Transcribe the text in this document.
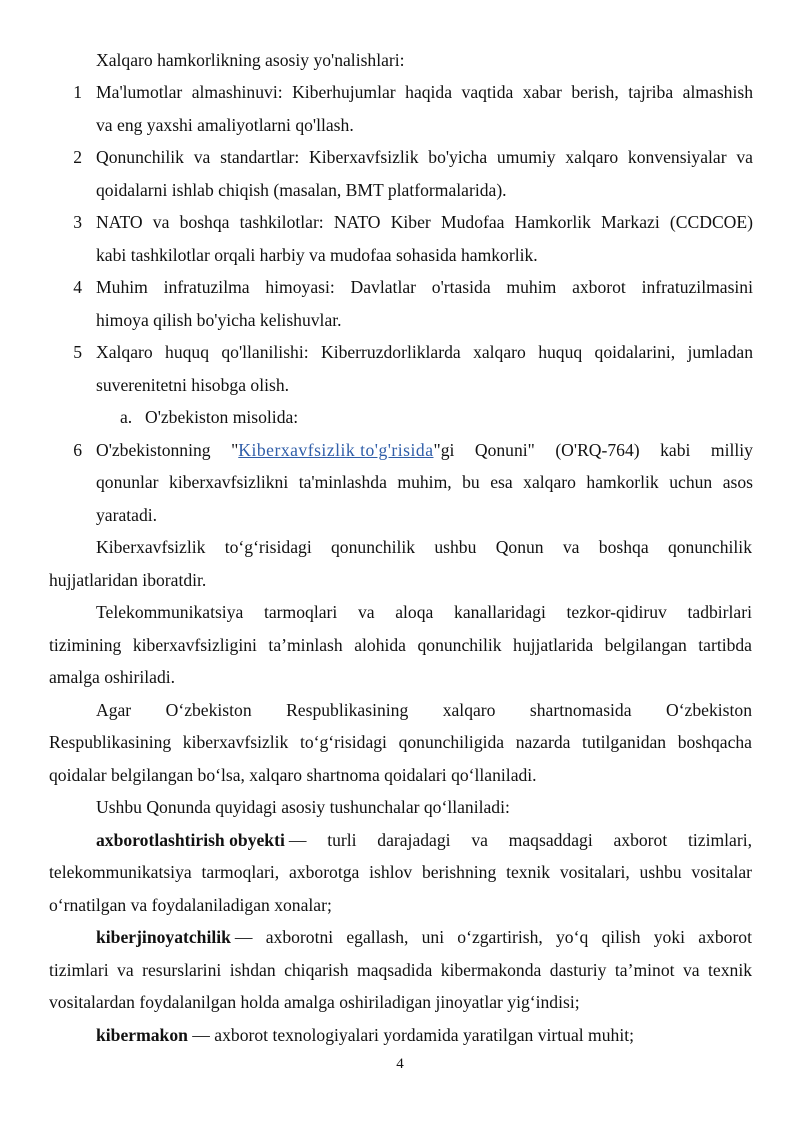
Xalqaro hamkorlikning asosiy yo'nalishlari:
1 Ma'lumotlar almashinuvi: Kiberhujumlar haqida vaqtida xabar berish, tajriba almashish
va eng yaxshi amaliyotlarni qo'llash.
2 Qonunchilik va standartlar: Kiberxavfsizlik bo'yicha umumiy xalqaro konvensiyalar va
qoidalarni ishlab chiqish (masalan, BMT platformalarida).
3 NATO va boshqa tashkilotlar: NATO Kiber Mudofaa Hamkorlik Markazi (CCDCOE)
kabi tashkilotlar orqali harbiy va mudofaa sohasida hamkorlik.
4 Muhim infratuzilma himoyasi: Davlatlar o'rtasida muhim axborot infratuzilmasini
himoya qilish bo'yicha kelishuvlar.
5 Xalqaro huquq qo'llanilishi: Kiberruzdorliklarda xalqaro huquq qoidalarini, jumladan
suverenitetni hisobga olish.
a. O'zbekiston misolida:
6 O'zbekistonning "Kiberxavfsizlik to'g'risida"gi Qonuni" (O'RQ-764) kabi milliy
qonunlar kiberxavfsizlikni ta'minlashda muhim, bu esa xalqaro hamkorlik uchun asos
yaratadi.
Kiberxavfsizlik to‘g‘risidagi qonunchilik ushbu Qonun va boshqa qonunchilik
hujjatlaridan iboratdir.
Telekommunikatsiya tarmoqlari va aloqa kanallaridagi tezkor-qidiruv tadbirlari
tizimining kiberxavfsizligini ta’minlash alohida qonunchilik hujjatlarida belgilangan tartibda
amalga oshiriladi.
Agar O‘zbekiston Respublikasining xalqaro shartnomasida O‘zbekiston
Respublikasining kiberxavfsizlik to‘g‘risidagi qonunchiligida nazarda tutilganidan boshqacha
qoidalar belgilangan bo‘lsa, xalqaro shartnoma qoidalari qo‘llaniladi.
Ushbu Qonunda quyidagi asosiy tushunchalar qo‘llaniladi:
axborotlashtirish obyekti — turli darajadagi va maqsaddagi axborot tizimlari,
telekommunikatsiya tarmoqlari, axborotga ishlov berishning texnik vositalari, ushbu vositalar
o‘rnatilgan va foydalaniladigan xonalar;
kiberjinoyatchilik — axborotni egallash, uni o‘zgartirish, yo‘q qilish yoki axborot
tizimlari va resurslarini ishdan chiqarish maqsadida kibermakonda dasturiy ta’minot va texnik
vositalardan foydalanilgan holda amalga oshiriladigan jinoyatlar yig‘indisi;
kibermakon — axborot texnologiyalari yordamida yaratilgan virtual muhit;
4
